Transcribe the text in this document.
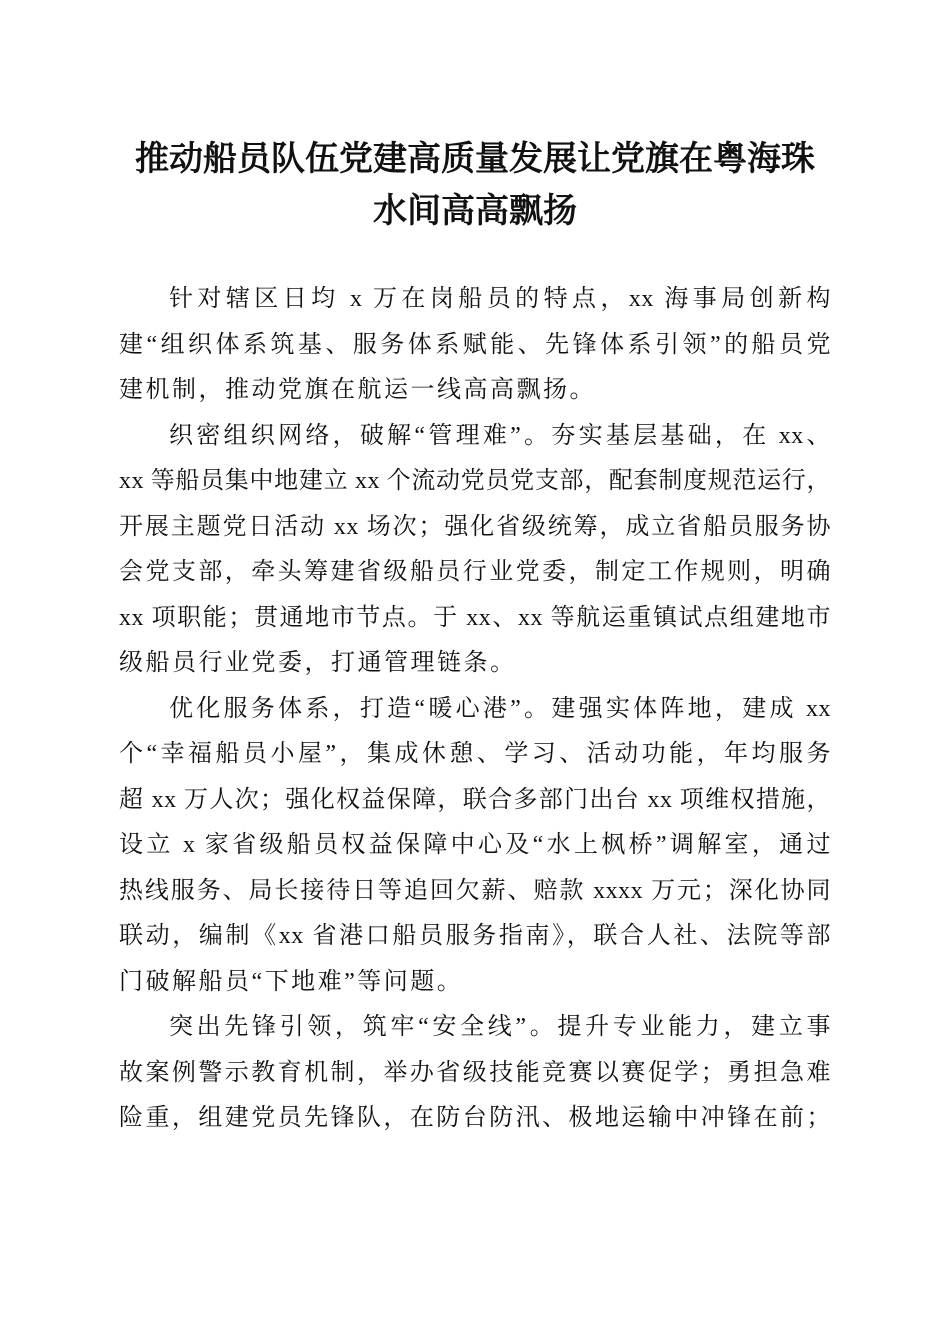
推动船员队伍党建高质量发展让党旗在粤海珠
水间高高飘扬

针对辖区日均 x 万在岗船员的特点，xx 海事局创新构
建“组织体系筑基、服务体系赋能、先锋体系引领”的船员党
建机制，推动党旗在航运一线高高飘扬。

织密组织网络，破解“管理难”。夯实基层基础，在 xx、
xx 等船员集中地建立 xx 个流动党员党支部，配套制度规范运行，
开展主题党日活动 xx 场次；强化省级统筹，成立省船员服务协
会党支部，牵头筹建省级船员行业党委，制定工作规则，明确
xx 项职能；贯通地市节点。于 xx、xx 等航运重镇试点组建地市
级船员行业党委，打通管理链条。

优化服务体系，打造“暖心港”。建强实体阵地，建成 xx
个“幸福船员小屋”，集成休憩、学习、活动功能，年均服务
超 xx 万人次；强化权益保障，联合多部门出台 xx 项维权措施，
设立 x 家省级船员权益保障中心及“水上枫桥”调解室，通过
热线服务、局长接待日等追回欠薪、赔款 xxxx 万元；深化协同
联动，编制《xx 省港口船员服务指南》，联合人社、法院等部
门破解船员“下地难”等问题。

突出先锋引领，筑牢“安全线”。提升专业能力，建立事
故案例警示教育机制，举办省级技能竞赛以赛促学；勇担急难
险重，组建党员先锋队，在防台防汛、极地运输中冲锋在前；
